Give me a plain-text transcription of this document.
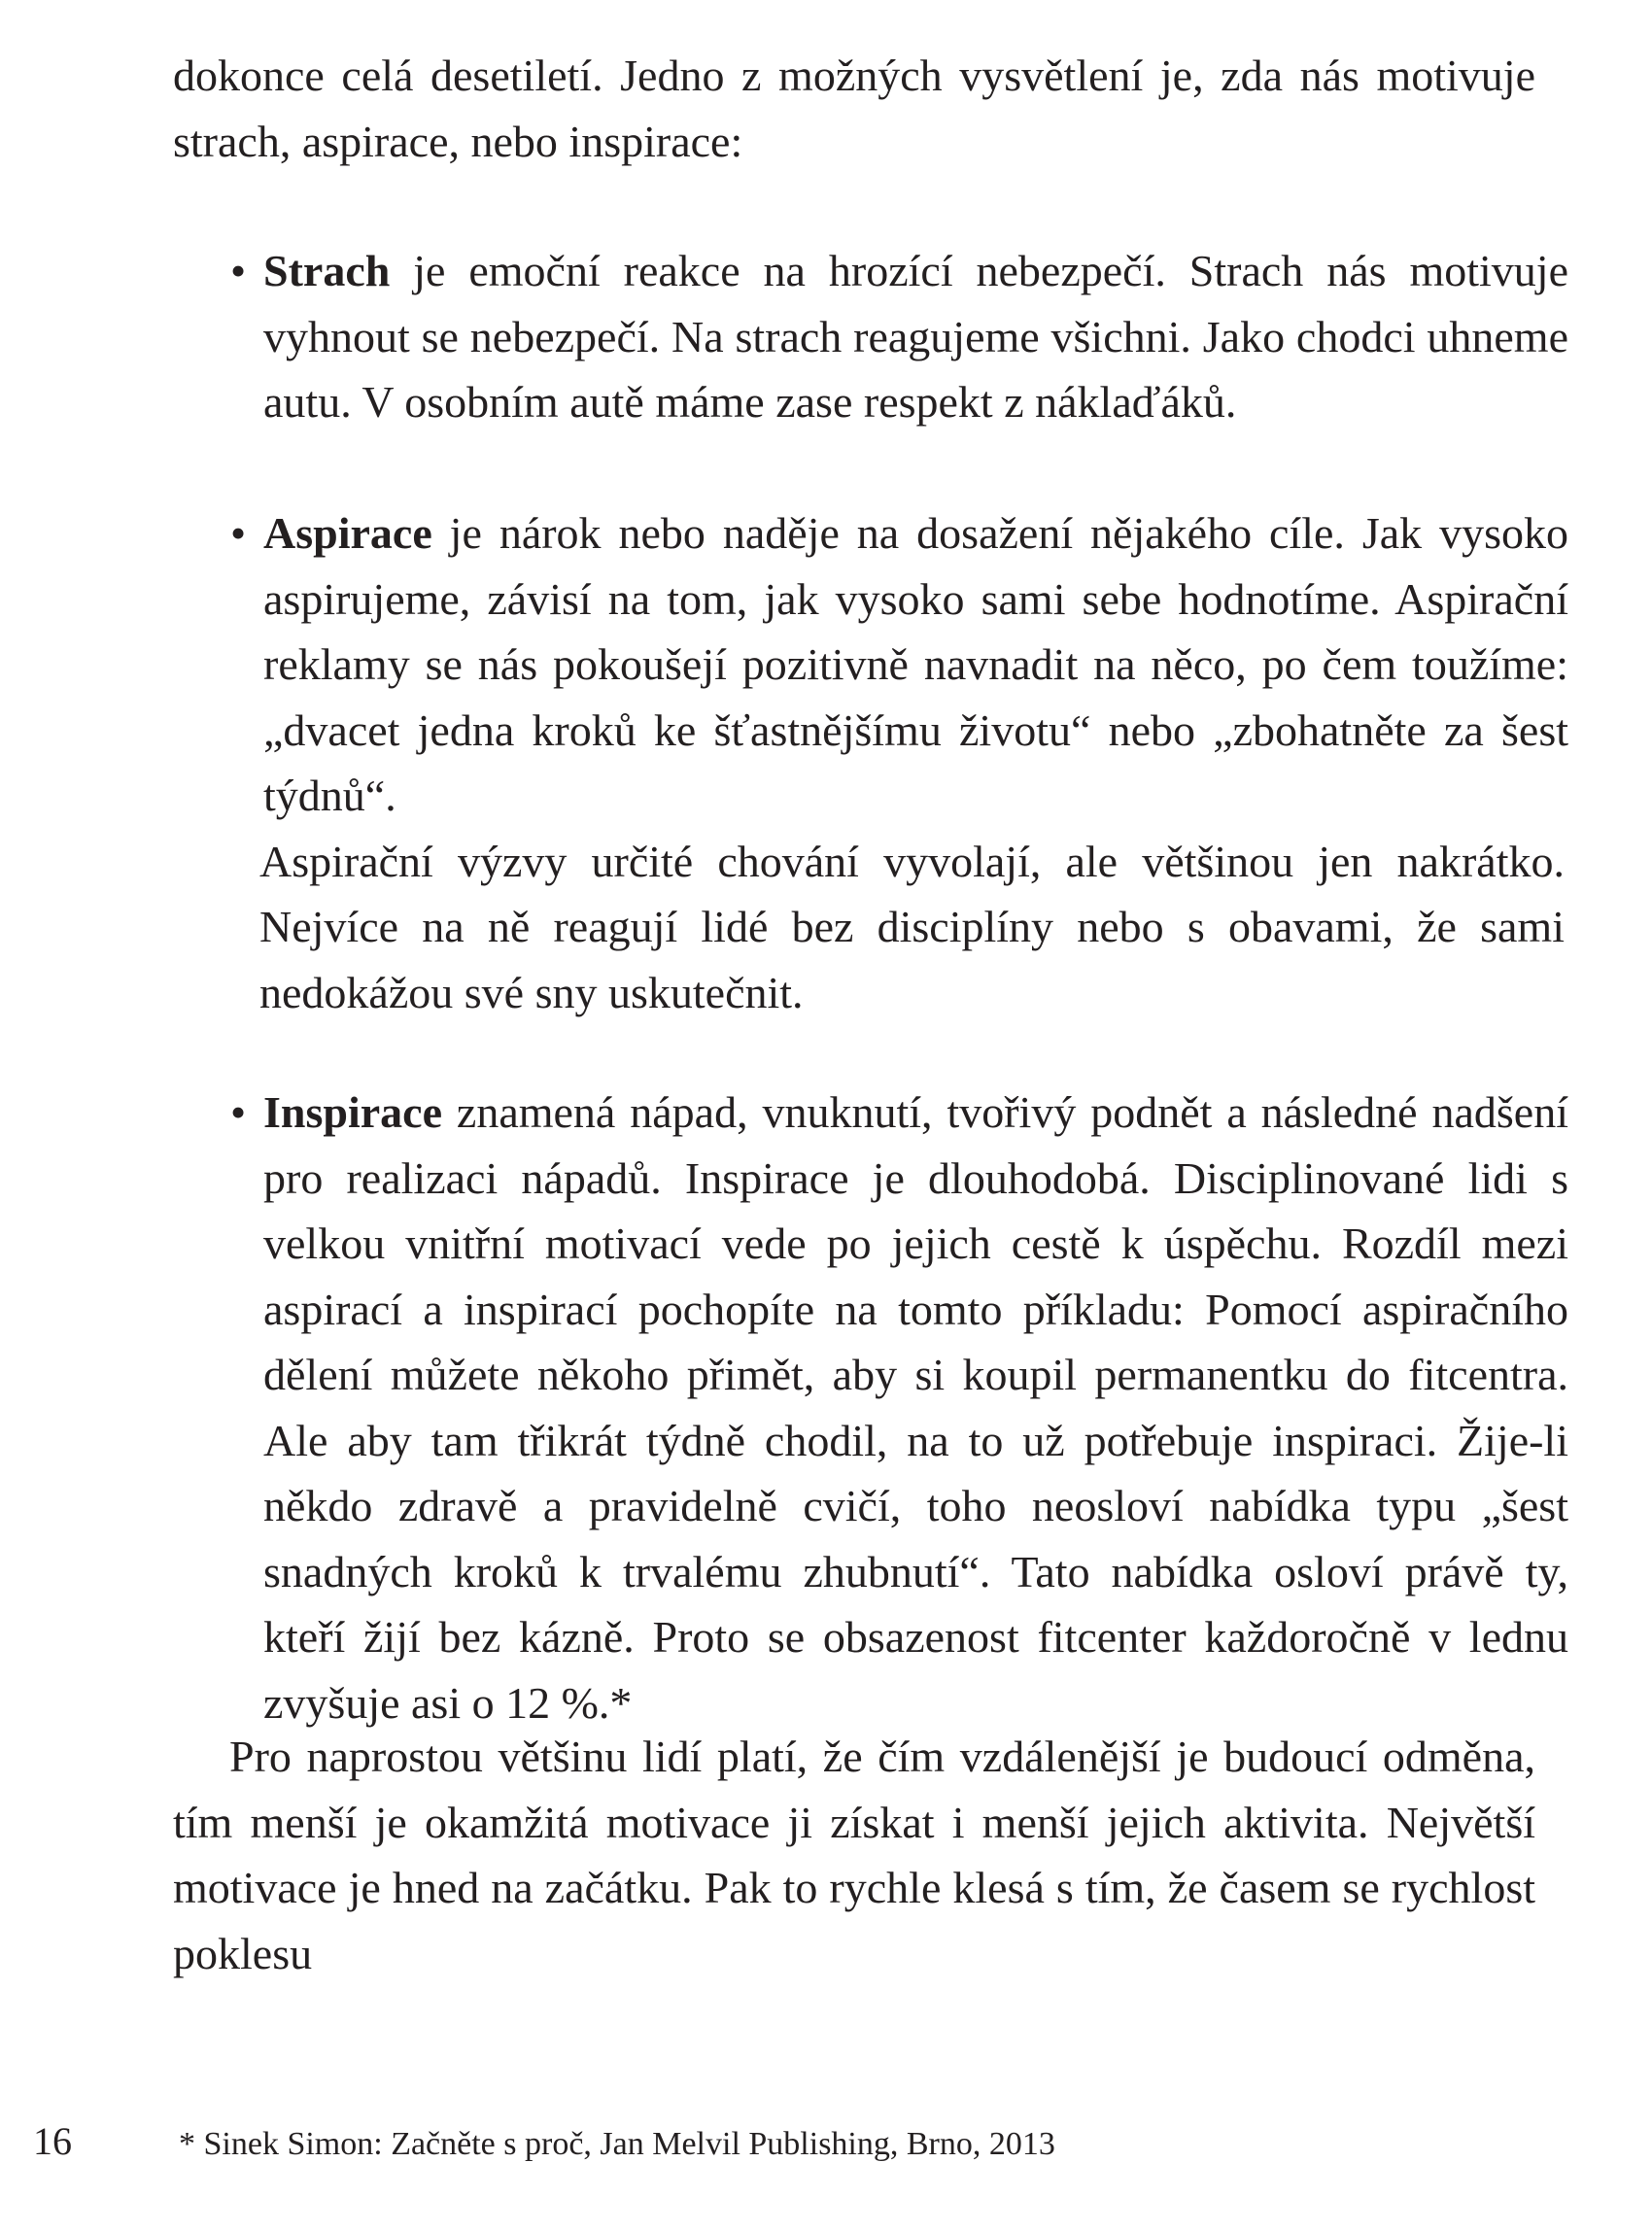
dokonce celá desetiletí. Jedno z možných vysvětlení je, zda nás motivuje strach, aspirace, nebo inspirace:

• Strach je emoční reakce na hrozící nebezpečí. Strach nás motivuje vyhnout se nebezpečí. Na strach reagujeme všichni. Jako chodci uhneme autu. V osobním autě máme zase respekt z náklaďáků.

• Aspirace je nárok nebo naděje na dosažení nějakého cíle. Jak vysoko aspirujeme, závisí na tom, jak vysoko sami sebe hodnotíme. Aspirační reklamy se nás pokoušejí pozitivně navnadit na něco, po čem toužíme: „dvacet jedna kroků ke šťastnějšímu životu“ nebo „zbohatněte za šest týdnů“.

Aspirační výzvy určité chování vyvolají, ale většinou jen nakrátko. Nejvíce na ně reagují lidé bez disciplíny nebo s obavami, že sami nedokážou své sny uskutečnit.

• Inspirace znamená nápad, vnuknutí, tvořivý podnět a následné nadšení pro realizaci nápadů. Inspirace je dlouhodobá. Disciplinované lidi s velkou vnitřní motivací vede po jejich cestě k úspěchu. Rozdíl mezi aspirací a inspirací pochopíte na tomto příkladu: Pomocí aspiračního dělení můžete někoho přimět, aby si koupil permanentku do fitcentra. Ale aby tam třikrát týdně chodil, na to už potřebuje inspiraci. Žije-li někdo zdravě a pravidelně cvičí, toho neosloví nabídka typu „šest snadných kroků k trvalému zhubnutí“. Tato nabídka osloví právě ty, kteří žijí bez kázně. Proto se obsazenost fitcenter každoročně v lednu zvyšuje asi o 12 %.*

Pro naprostou většinu lidí platí, že čím vzdálenější je budoucí odměna, tím menší je okamžitá motivace ji získat i menší jejich aktivita. Největší motivace je hned na začátku. Pak to rychle klesá s tím, že časem se rychlost poklesu

16	* Sinek Simon: Začněte s proč, Jan Melvil Publishing, Brno, 2013
